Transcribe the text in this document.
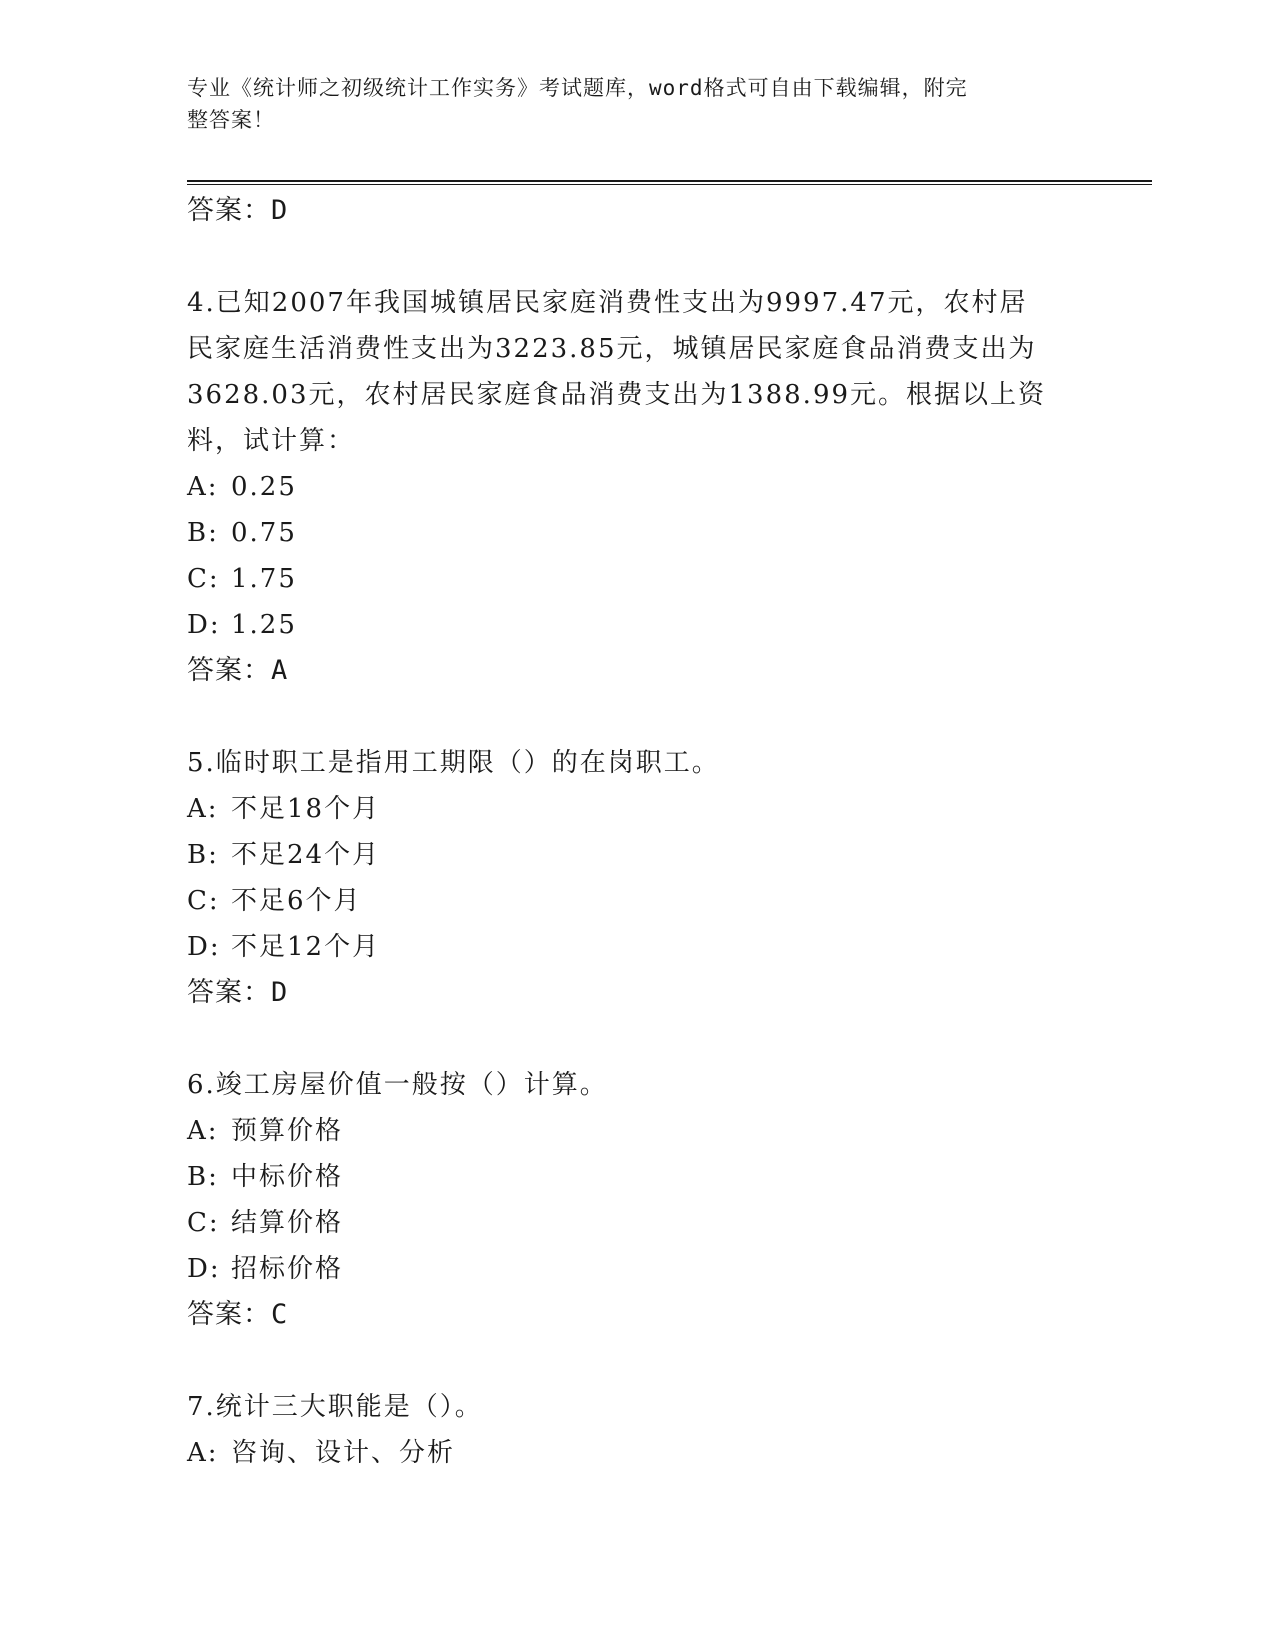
专业《统计师之初级统计工作实务》考试题库，word格式可自由下载编辑，附完
整答案！
答案：D
4.已知2007年我国城镇居民家庭消费性支出为9997.47元，农村居
民家庭生活消费性支出为3223.85元，城镇居民家庭食品消费支出为
3628.03元，农村居民家庭食品消费支出为1388.99元。根据以上资
料，试计算：
A: 0.25
B: 0.75
C: 1.75
D: 1.25
答案：A
5.临时职工是指用工期限（）的在岗职工。
A: 不足18个月
B: 不足24个月
C: 不足6个月
D: 不足12个月
答案：D
6.竣工房屋价值一般按（）计算。
A: 预算价格
B: 中标价格
C: 结算价格
D: 招标价格
答案：C
7.统计三大职能是（）。
A: 咨询、设计、分析
